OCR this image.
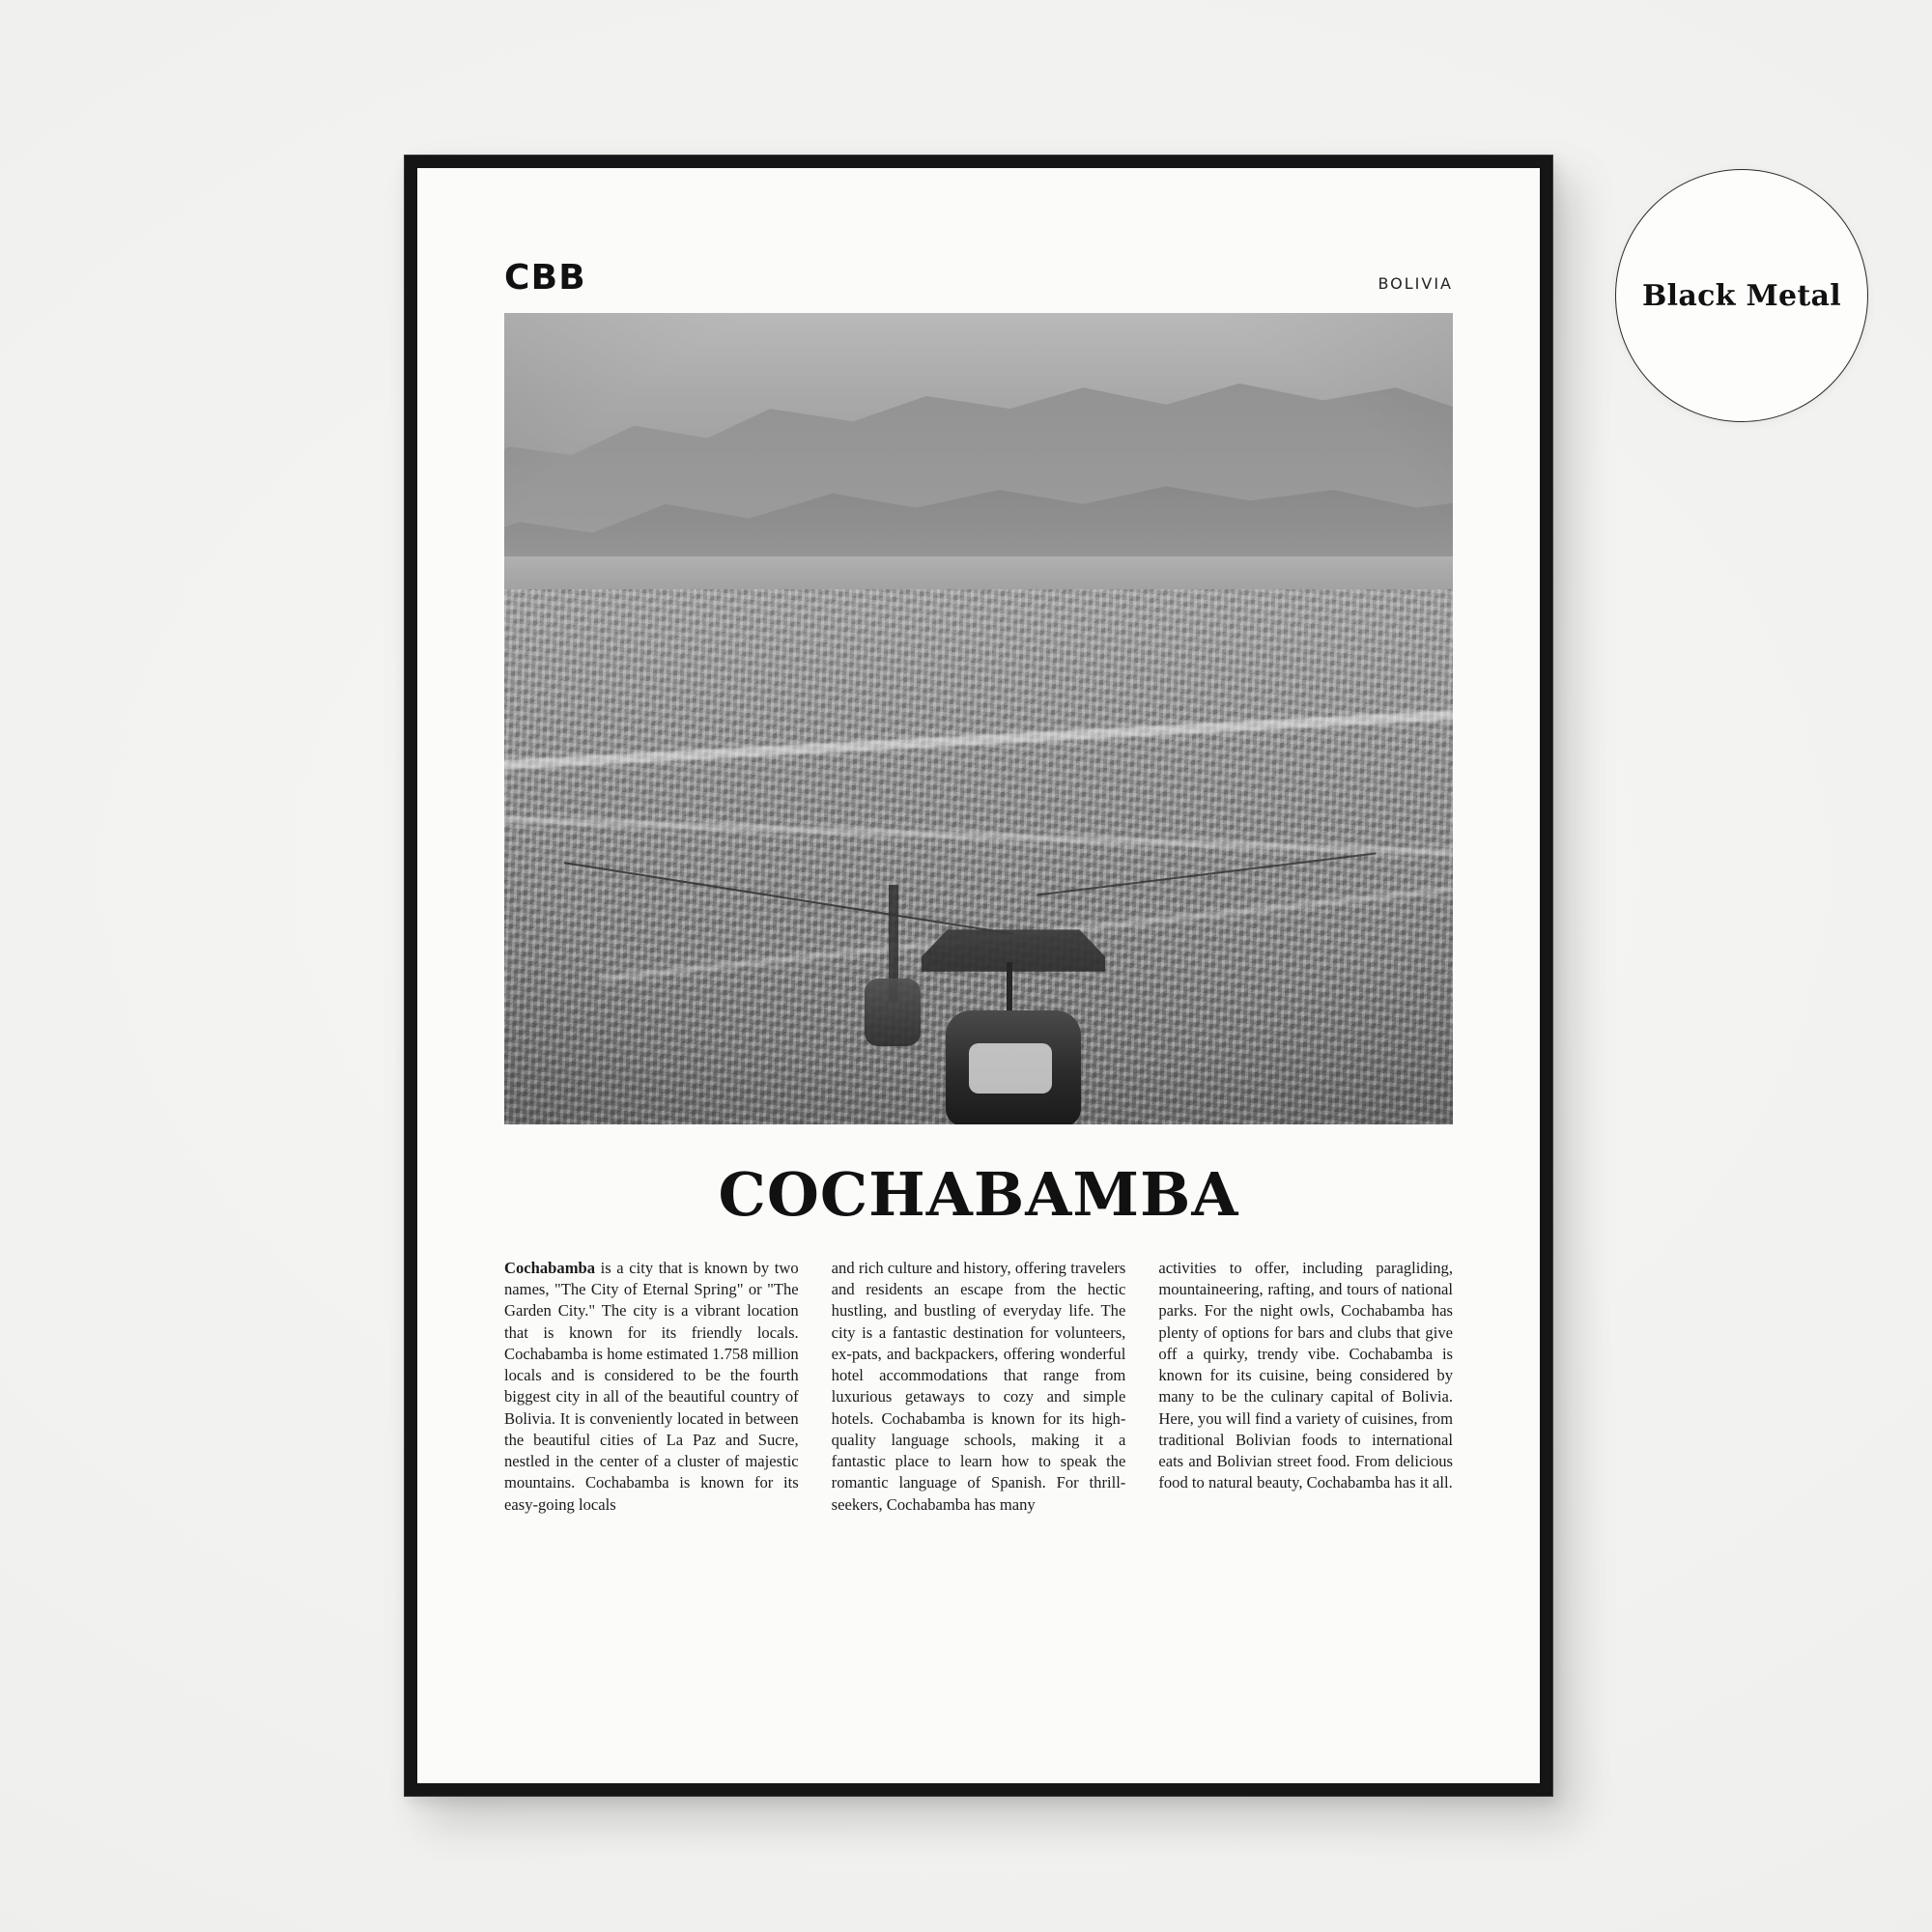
CBB	BOLIVIA
COCHABAMBA
Cochabamba is a city that is known by two names, "The City of Eternal Spring" or "The Garden City." The city is a vibrant location that is known for its friendly locals. Cochabamba is home estimated 1.758 million locals and is considered to be the fourth biggest city in all of the beautiful country of Bolivia. It is conveniently located in between the beautiful cities of La Paz and Sucre, nestled in the center of a cluster of majestic mountains. Cochabamba is known for its easy-going locals
and rich culture and history, offering travelers and residents an escape from the hectic hustling, and bustling of everyday life. The city is a fantastic destination for volunteers, ex-pats, and backpackers, offering wonderful hotel accommodations that range from luxurious getaways to cozy and simple hotels. Cochabamba is known for its high-quality language schools, making it a fantastic place to learn how to speak the romantic language of Spanish. For thrill-seekers, Cochabamba has many
activities to offer, including paragliding, mountaineering, rafting, and tours of national parks. For the night owls, Cochabamba has plenty of options for bars and clubs that give off a quirky, trendy vibe. Cochabamba is known for its cuisine, being considered by many to be the culinary capital of Bolivia. Here, you will find a variety of cuisines, from traditional Bolivian foods to international eats and Bolivian street food. From delicious food to natural beauty, Cochabamba has it all.
Black Metal
